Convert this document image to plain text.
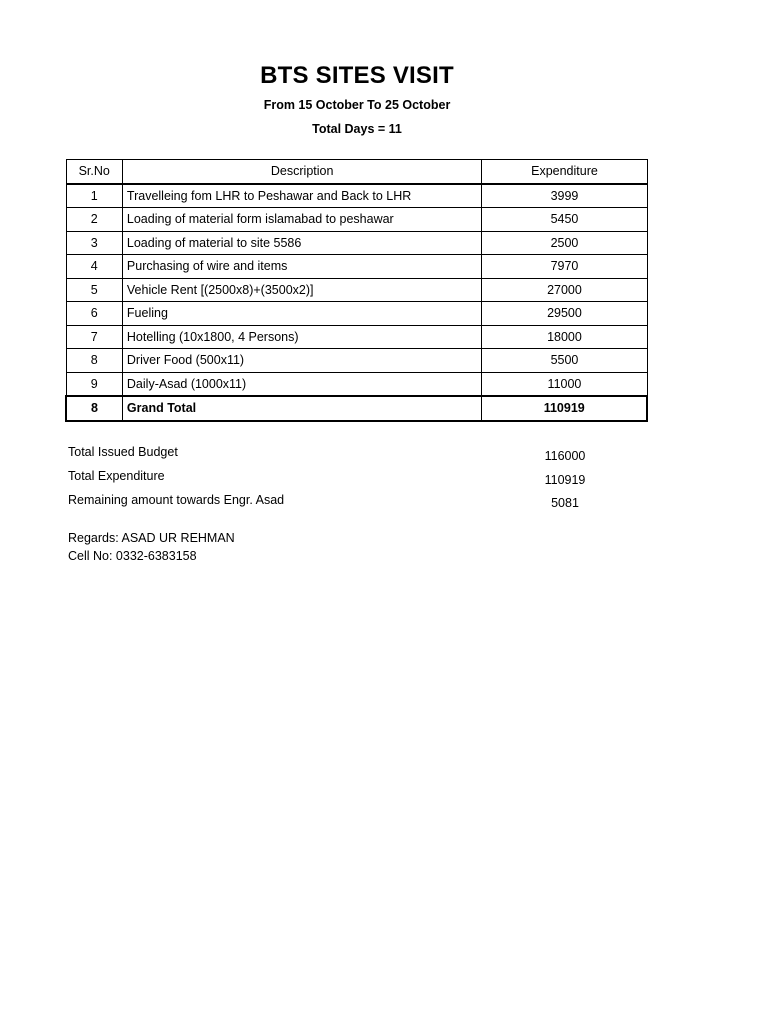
BTS SITES VISIT
From 15 October To 25 October
Total Days = 11
Sr.No	Description	Expenditure
1	Travelleing fom LHR to Peshawar and Back to LHR	3999
2	Loading of material form islamabad to peshawar	5450
3	Loading of material to site 5586	2500
4	Purchasing of wire and items	7970
5	Vehicle Rent [(2500x8)+(3500x2)]	27000
6	Fueling	29500
7	Hotelling (10x1800, 4 Persons)	18000
8	Driver Food (500x11)	5500
9	Daily-Asad (1000x11)	11000
8	Grand Total	110919
Total Issued Budget	116000
Total Expenditure	110919
Remaining amount towards Engr. Asad	5081
Regards: ASAD UR REHMAN
Cell No: 0332-6383158
